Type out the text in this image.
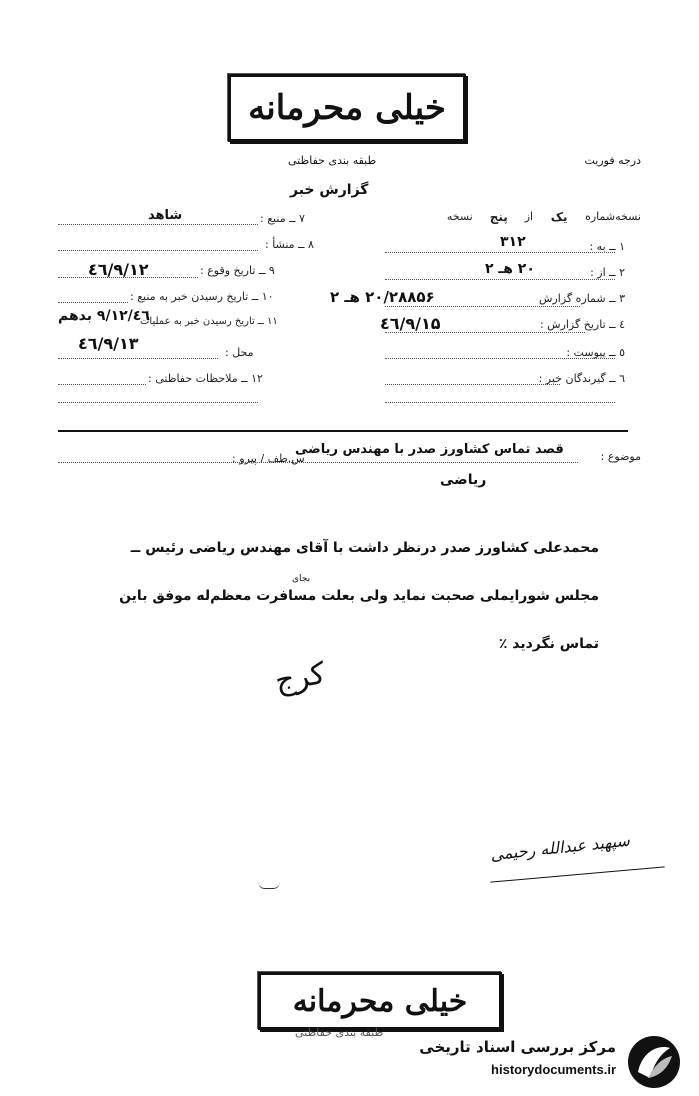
خیلی محرمانه
درجه فوریت
طبقه بندی حفاظتی
گزارش خبر
نسخه‌شماره
یک
از
پنج
نسخه
۱ ــ به :
۳۱۲
۲ ــ از :
۲۰ هـ ۲
۳ ــ شماره گزارش
۲۰/۲۸۸۵۶ هـ ۲
٤ ــ تاریخ گزارش :
٤٦/۹/۱۵
٥ ــ پیوست :
٦ ــ گیرندگان خبر :
۷ ــ منبع :
شاهد
۸ ــ منشأ :
۹ ــ تاریخ وقوع :
٤٦/۹/۱۲
۱۰ ــ تاریخ رسیدن خبر به منبع :
۱۱ ــ تاریخ رسیدن خبر به عملیات
٤٦/۹/۱۲ بدهم
محل :
٤٦/۹/۱۳
۱۲ ــ ملاحظات حفاظتی :
موضوع :
قصد تماس کشاورز صدر با مهندس ریاضی
س.طف / پیرو :
ریاضی
محمدعلی کشاورز صدر درنظر داشت با آقای مهندس ریاضی رئیس ــ
مجلس شورایملی صحبت نماید ولی بعلت مسافرت معظم‌له موفق باین
بجای
تماس نگردید ٪
کرج
سپهبد عبدالله رحیمی
خیلی محرمانه
طبقه بندی حفاظتی
مرکز بررسی اسناد تاریخی
historydocuments.ir
